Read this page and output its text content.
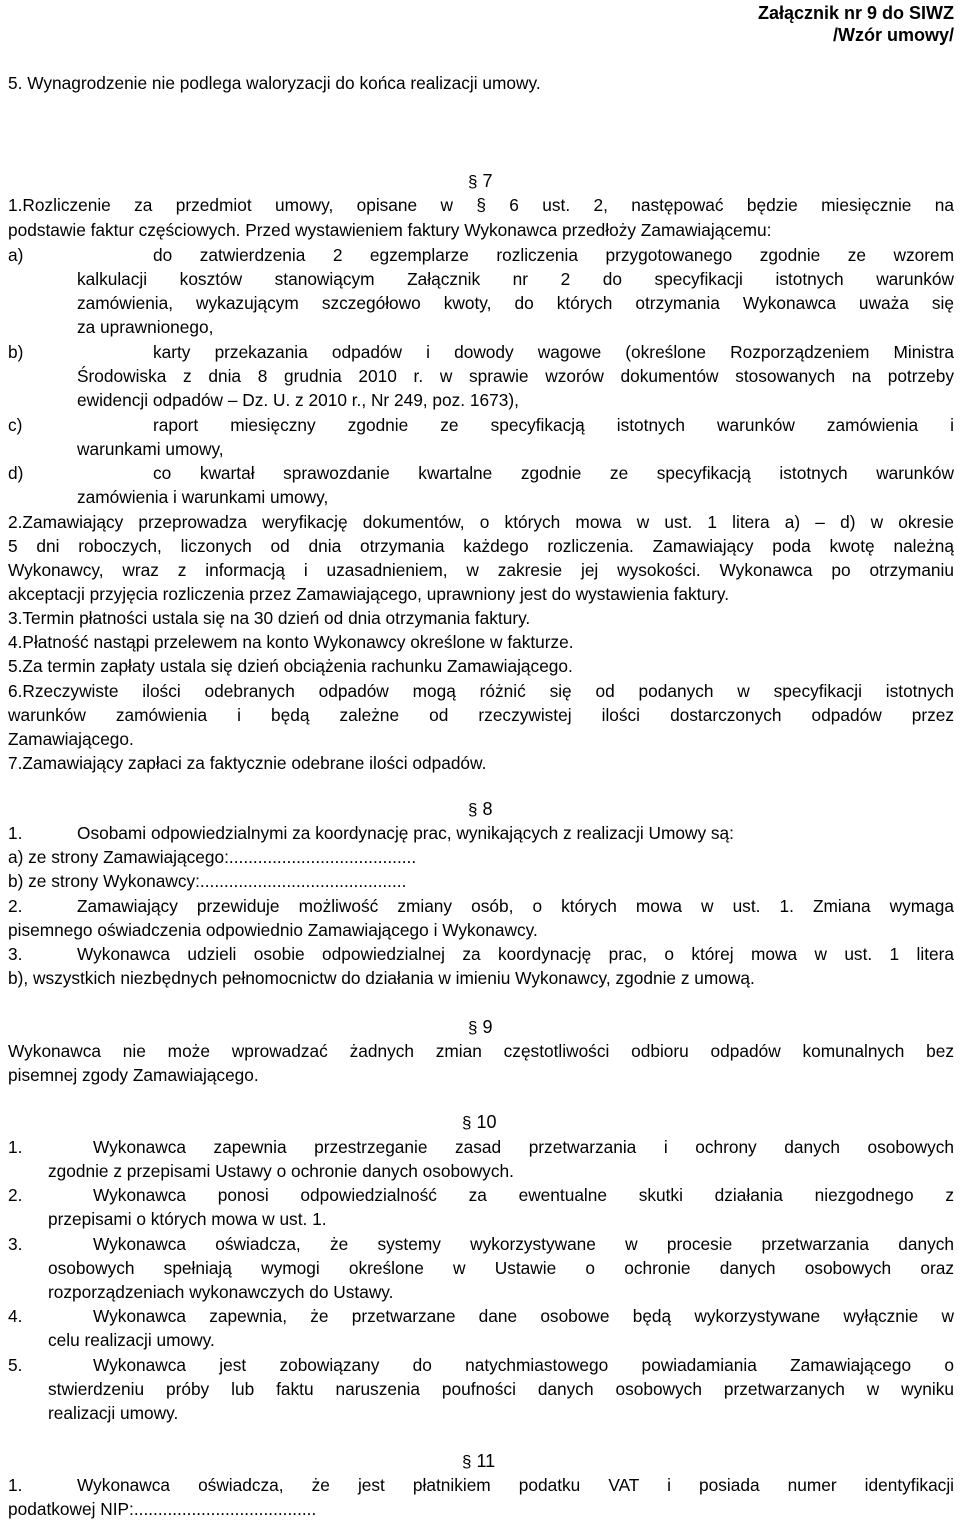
Załącznik nr 9 do SIWZ
/Wzór umowy/
5. Wynagrodzenie nie podlega waloryzacji do końca realizacji umowy.
§ 7
1.Rozliczenie za przedmiot umowy, opisane w § 6 ust. 2, następować będzie miesięcznie na
podstawie faktur częściowych. Przed wystawieniem faktury Wykonawca przedłoży Zamawiającemu:
a)	do zatwierdzenia 2 egzemplarze rozliczenia przygotowanego zgodnie ze wzorem
kalkulacji kosztów stanowiącym Załącznik nr 2 do specyfikacji istotnych warunków
zamówienia, wykazującym szczegółowo kwoty, do których otrzymania Wykonawca uważa się
za uprawnionego,
b)	karty przekazania odpadów i dowody wagowe (określone Rozporządzeniem Ministra
Środowiska z dnia 8 grudnia 2010 r. w sprawie wzorów dokumentów stosowanych na potrzeby
ewidencji odpadów – Dz. U. z 2010 r., Nr 249, poz. 1673),
c)	raport miesięczny zgodnie ze specyfikacją istotnych warunków zamówienia i
warunkami umowy,
d)	co kwartał sprawozdanie kwartalne zgodnie ze specyfikacją istotnych warunków
zamówienia i warunkami umowy,
2.Zamawiający przeprowadza weryfikację dokumentów, o których mowa w ust. 1 litera a) – d) w okresie
5 dni roboczych, liczonych od dnia otrzymania każdego rozliczenia. Zamawiający poda kwotę należną
Wykonawcy, wraz z informacją i uzasadnieniem, w zakresie jej wysokości. Wykonawca po otrzymaniu
akceptacji przyjęcia rozliczenia przez Zamawiającego, uprawniony jest do wystawienia faktury.
3.Termin płatności ustala się na 30 dzień od dnia otrzymania faktury.
4.Płatność nastąpi przelewem na konto Wykonawcy określone w fakturze.
5.Za termin zapłaty ustala się dzień obciążenia rachunku Zamawiającego.
6.Rzeczywiste ilości odebranych odpadów mogą różnić się od podanych w specyfikacji istotnych
warunków zamówienia i będą zależne od rzeczywistej ilości dostarczonych odpadów przez
Zamawiającego.
7.Zamawiający zapłaci za faktycznie odebrane ilości odpadów.
§ 8
1.	Osobami odpowiedzialnymi za koordynację prac, wynikających z realizacji Umowy są:
a) ze strony Zamawiającego:.......................................
b) ze strony Wykonawcy:...........................................
2.	Zamawiający przewiduje możliwość zmiany osób, o których mowa w ust. 1. Zmiana wymaga
pisemnego oświadczenia odpowiednio Zamawiającego i Wykonawcy.
3.	Wykonawca udzieli osobie odpowiedzialnej za koordynację prac, o której mowa w ust. 1 litera
b), wszystkich niezbędnych pełnomocnictw do działania w imieniu Wykonawcy, zgodnie z umową.
§ 9
Wykonawca nie może wprowadzać żadnych zmian częstotliwości odbioru odpadów komunalnych bez
pisemnej zgody Zamawiającego.
§ 10
1.	Wykonawca zapewnia przestrzeganie zasad przetwarzania i ochrony danych osobowych
zgodnie z przepisami Ustawy o ochronie danych osobowych.
2.	Wykonawca ponosi odpowiedzialność za ewentualne skutki działania niezgodnego z
przepisami o których mowa w ust. 1.
3.	Wykonawca oświadcza, że systemy wykorzystywane w procesie przetwarzania danych
osobowych spełniają wymogi określone w Ustawie o ochronie danych osobowych oraz
rozporządzeniach wykonawczych do Ustawy.
4.	Wykonawca zapewnia, że przetwarzane dane osobowe będą wykorzystywane wyłącznie w
celu realizacji umowy.
5.	Wykonawca jest zobowiązany do natychmiastowego powiadamiania Zamawiającego o
stwierdzeniu próby lub faktu naruszenia poufności danych osobowych przetwarzanych w wyniku
realizacji umowy.
§ 11
1.	Wykonawca oświadcza, że jest płatnikiem podatku VAT i posiada numer identyfikacji
podatkowej NIP:......................................
